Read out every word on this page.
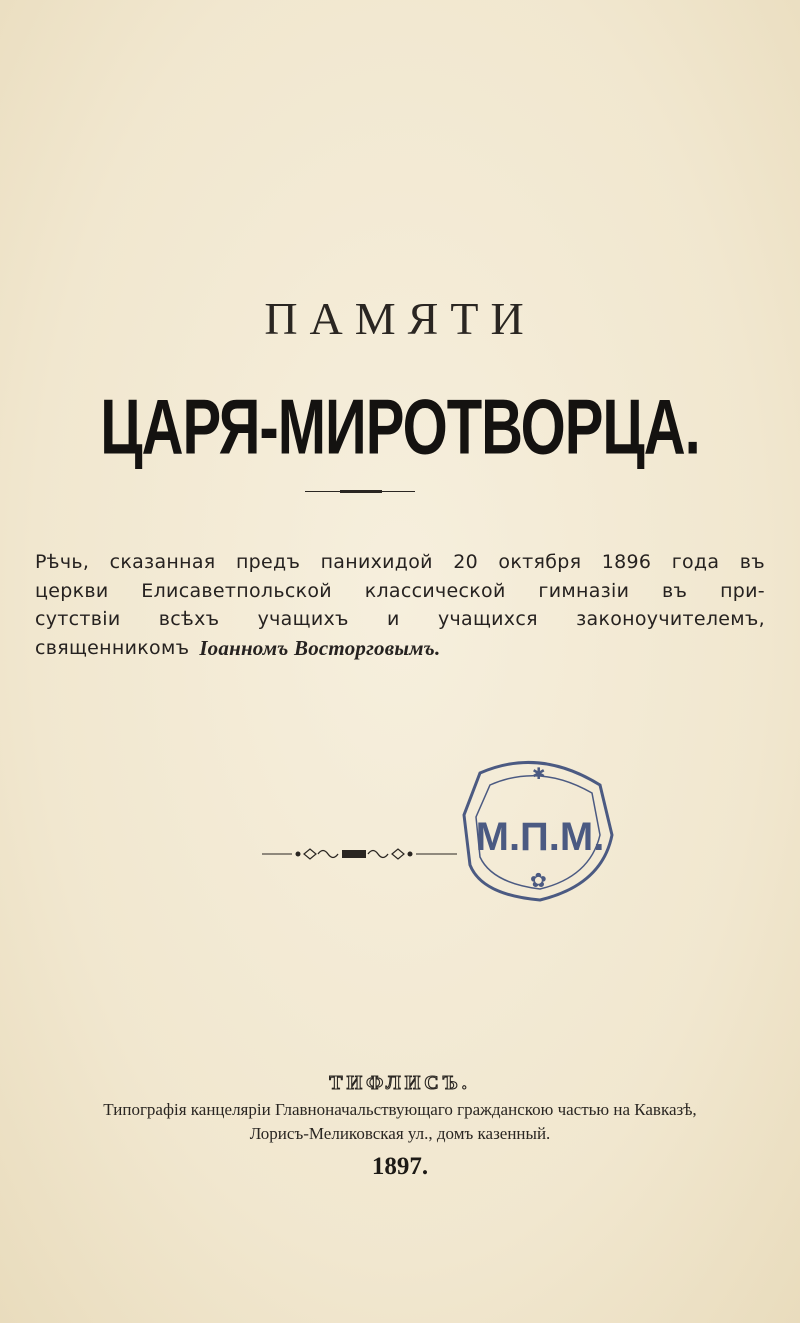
ПАМЯТИ
ЦАРЯ-МИРОТВОРЦА.
Рѣчь, сказанная предъ панихидой 20 октября 1896 года въ
церкви Елисаветпольской классической гимназіи въ при-
сутствіи всѣхъ учащихъ и учащихся законоучителемъ,
священникомъ Іоанномъ Восторговымъ.
М.П.М.
✱
✿
ТИФЛИСЪ.
Типографія канцеляріи Главноначальствующаго гражданскою частью на Кавказѣ,
Лорисъ-Меликовская ул., домъ казенный.
1897.
